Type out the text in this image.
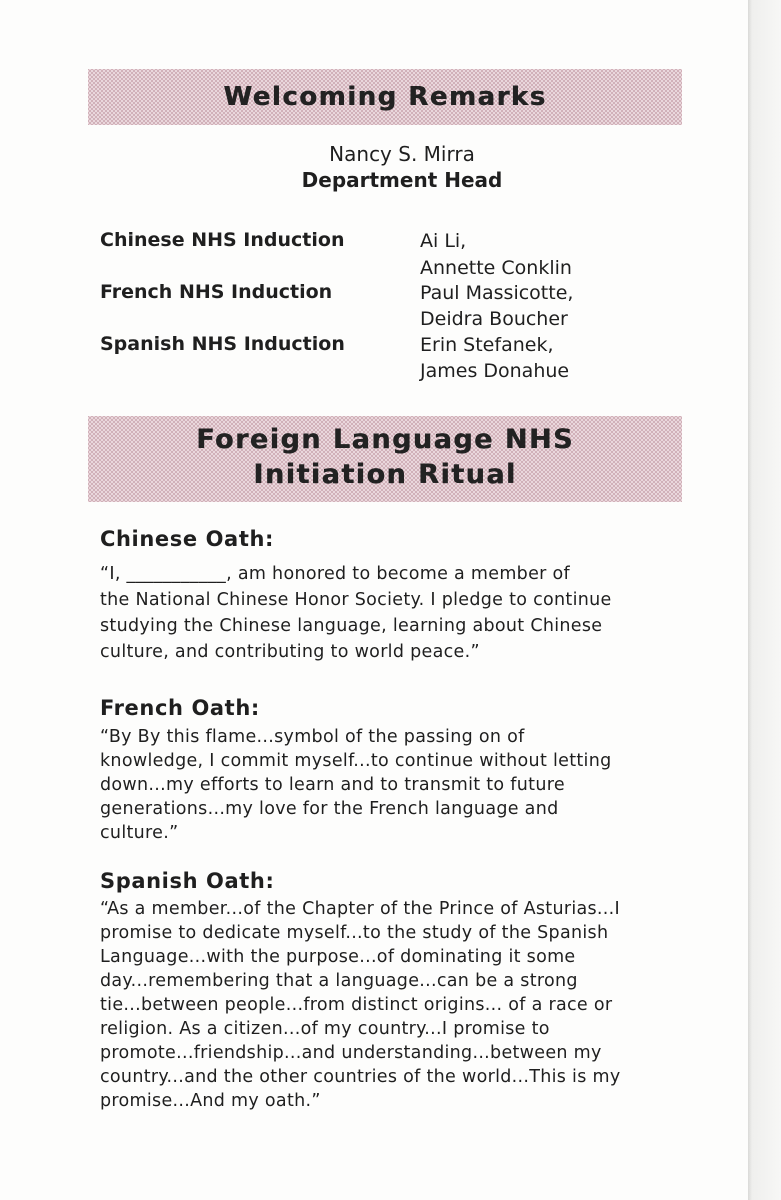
Welcoming Remarks
Nancy S. Mirra
Department Head
Chinese NHS Induction	Ai Li,
Annette Conklin
French NHS Induction	Paul Massicotte,
Deidra Boucher
Spanish NHS Induction	Erin Stefanek,
James Donahue
Foreign Language NHS
Initiation Ritual
Chinese Oath:
“I, ___________, am honored to become a member of
the National Chinese Honor Society. I pledge to continue
studying the Chinese language, learning about Chinese
culture, and contributing to world peace.”
French Oath:
“By By this flame...symbol of the passing on of
knowledge, I commit myself...to continue without letting
down...my efforts to learn and to transmit to future
generations...my love for the French language and
culture.”
Spanish Oath:
“As a member...of the Chapter of the Prince of Asturias...I
promise to dedicate myself...to the study of the Spanish
Language...with the purpose...of dominating it some
day...remembering that a language...can be a strong
tie...between people...from distinct origins... of a race or
religion. As a citizen...of my country...I promise to
promote...friendship...and understanding...between my
country...and the other countries of the world...This is my
promise...And my oath.”
